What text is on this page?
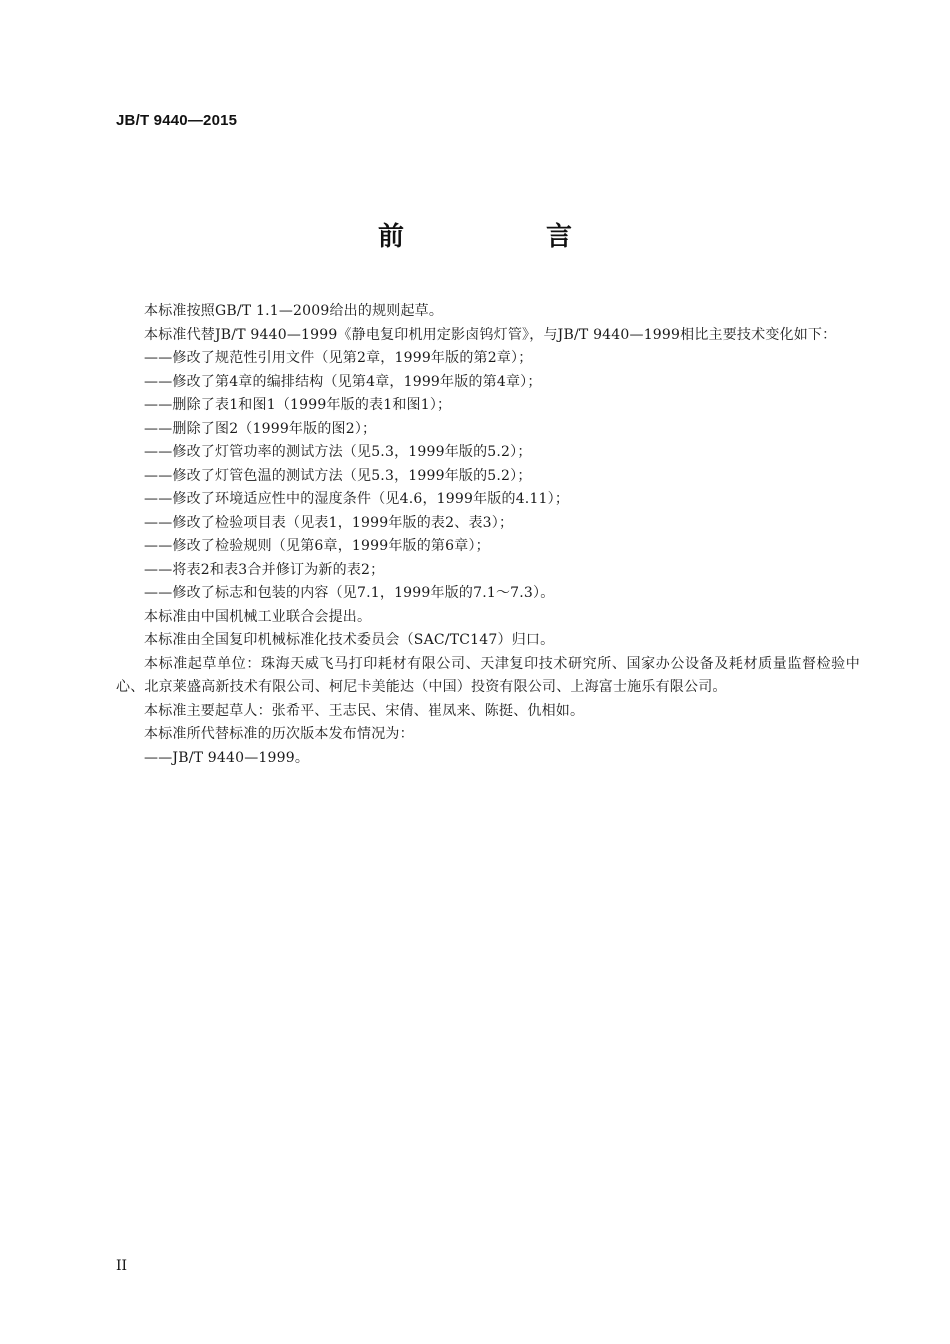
JB/T 9440—2015
前　　言

本标准按照GB/T 1.1—2009给出的规则起草。

本标准代替JB/T 9440—1999《静电复印机用定影卤钨灯管》，与JB/T 9440—1999相比主要技术变化如下：

——修改了规范性引用文件（见第2章，1999年版的第2章）；

——修改了第4章的编排结构（见第4章，1999年版的第4章）；

——删除了表1和图1（1999年版的表1和图1）；

——删除了图2（1999年版的图2）；

——修改了灯管功率的测试方法（见5.3，1999年版的5.2）；

——修改了灯管色温的测试方法（见5.3，1999年版的5.2）；

——修改了环境适应性中的湿度条件（见4.6，1999年版的4.11）；

——修改了检验项目表（见表1，1999年版的表2、表3）；

——修改了检验规则（见第6章，1999年版的第6章）；

——将表2和表3合并修订为新的表2；

——修改了标志和包装的内容（见7.1，1999年版的7.1～7.3）。

本标准由中国机械工业联合会提出。

本标准由全国复印机械标准化技术委员会（SAC/TC147）归口。

本标准起草单位：珠海天威飞马打印耗材有限公司、天津复印技术研究所、国家办公设备及耗材质量监督检验中心、北京莱盛高新技术有限公司、柯尼卡美能达（中国）投资有限公司、上海富士施乐有限公司。

本标准主要起草人：张希平、王志民、宋倩、崔凤来、陈挺、仇相如。

本标准所代替标准的历次版本发布情况为：

——JB/T 9440—1999。

II
